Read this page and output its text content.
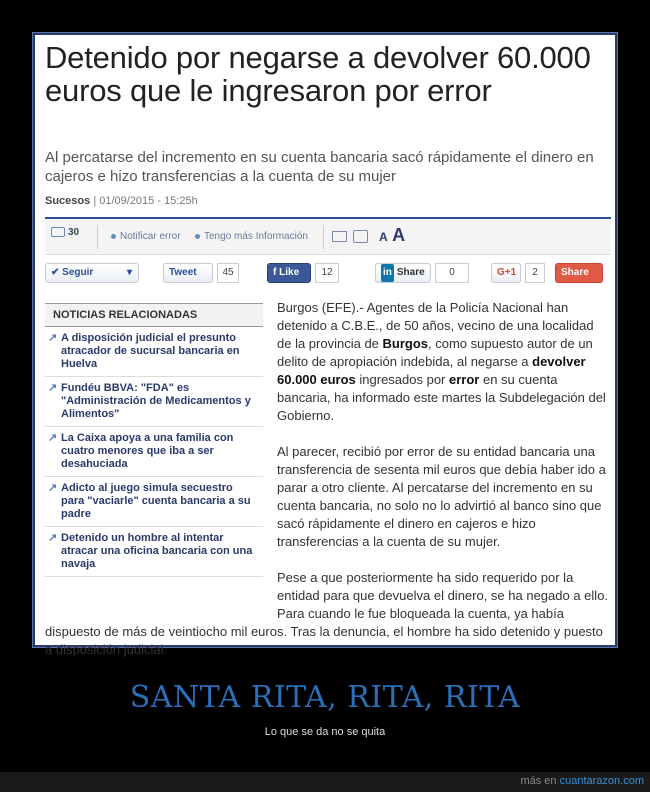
Detenido por negarse a devolver 60.000 euros que le ingresaron por error
Al percatarse del incremento en su cuenta bancaria sacó rápidamente el dinero en cajeros e hizo transferencias a la cuenta de su mujer
Sucesos | 01/09/2015 - 15:25h
30	Notificar error	Tengo más Información	A A
✔ Seguir	▾	Tweet	45	f Like	12	in Share	0	G+1	2	Share
NOTICIAS RELACIONADAS
↗ A disposición judicial el presunto atracador de sucursal bancaria en Huelva
↗ Fundéu BBVA: "FDA" es "Administración de Medicamentos y Alimentos"
↗ La Caixa apoya a una familia con cuatro menores que iba a ser desahuciada
↗ Adicto al juego simula secuestro para "vaciarle" cuenta bancaria a su padre
↗ Detenido un hombre al intentar atracar una oficina bancaria con una navaja

Burgos (EFE).- Agentes de la Policía Nacional han detenido a C.B.E., de 50 años, vecino de una localidad de la provincia de Burgos, como supuesto autor de un delito de apropiación indebida, al negarse a devolver 60.000 euros ingresados por error en su cuenta bancaria, ha informado este martes la Subdelegación del Gobierno.

Al parecer, recibió por error de su entidad bancaria una transferencia de sesenta mil euros que debía haber ido a parar a otro cliente. Al percatarse del incremento en su cuenta bancaria, no solo no lo advirtió al banco sino que sacó rápidamente el dinero en cajeros e hizo transferencias a la cuenta de su mujer.

Pese a que posteriormente ha sido requerido por la entidad para que devuelva el dinero, se ha negado a ello. Para cuando le fue bloqueada la cuenta, ya había dispuesto de más de veintiocho mil euros. Tras la denuncia, el hombre ha sido detenido y puesto a disposición judicial.

SANTA RITA, RITA, RITA
Lo que se da no se quita
más en cuantarazon.com
